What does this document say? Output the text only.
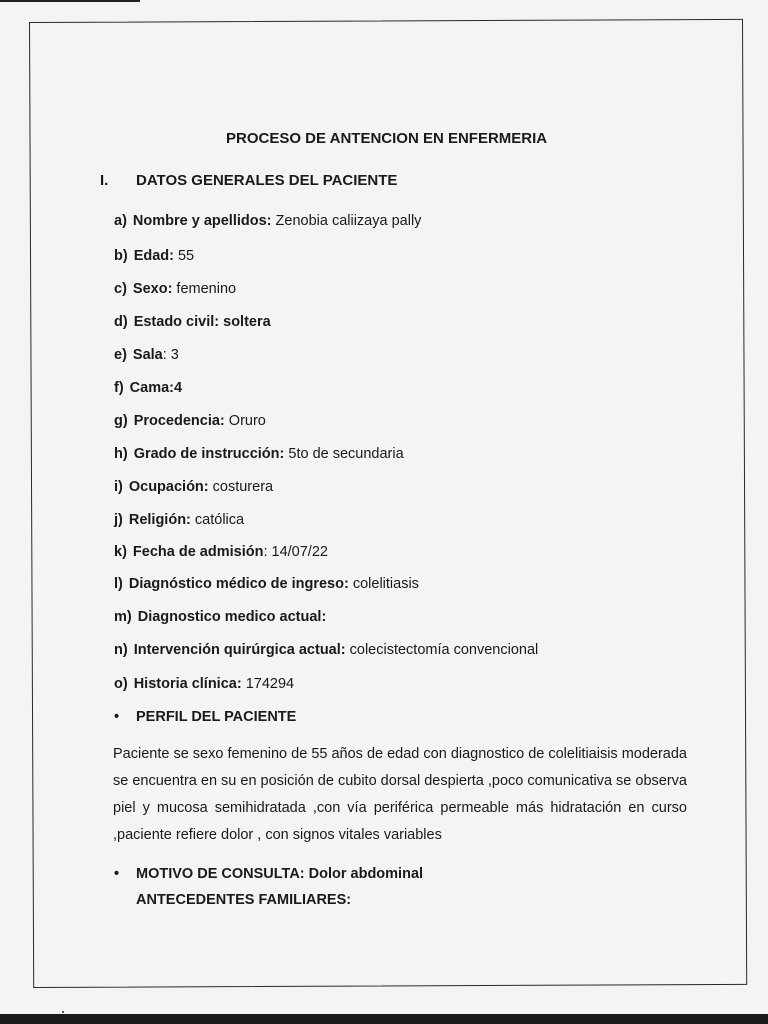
PROCESO DE ANTENCION EN ENFERMERIA
I. DATOS GENERALES DEL PACIENTE
a) Nombre y apellidos: Zenobia caliizaya pally
b) Edad: 55
c) Sexo: femenino
d) Estado civil: soltera
e) Sala: 3
f) Cama:4
g) Procedencia: Oruro
h) Grado de instrucción: 5to de secundaria
i) Ocupación: costurera
j) Religión: católica
k) Fecha de admisión: 14/07/22
l) Diagnóstico médico de ingreso: colelitiasis
m) Diagnostico medico actual:
n) Intervención quirúrgica actual: colecistectomía convencional
o) Historia clínica: 174294
• PERFIL DEL PACIENTE

Paciente se sexo femenino de 55 años de edad con diagnostico de colelitiaisis moderada se encuentra en su en posición de cubito dorsal despierta ,poco comunicativa se observa piel y mucosa semihidratada ,con vía periférica permeable más hidratación en curso ,paciente refiere dolor , con signos vitales variables

• MOTIVO DE CONSULTA: Dolor abdominal
ANTECEDENTES FAMILIARES:
